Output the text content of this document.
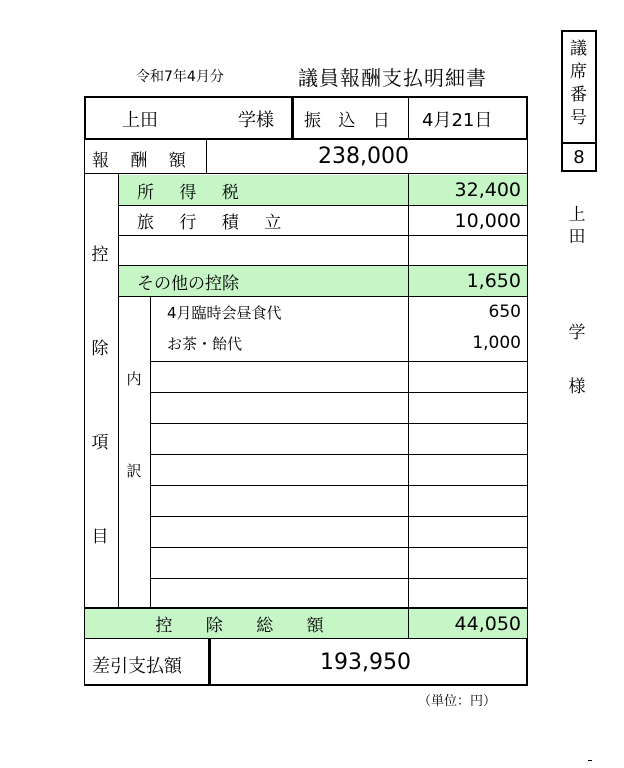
令和7年4月分	議員報酬支払明細書
議
席
番
号
8
上
田
学
様
上田	学様 振 込 日 4月21日
報 酬 額	238,000
所 得 税	32,400
旅 行 積 立	10,000
その他の控除	1,650
控
除
項
目
内
訳
4月臨時会昼食代	650
お茶・飴代	1,000
控 除 総 額	44,050
差引支払額	193,950
（単位：円）
